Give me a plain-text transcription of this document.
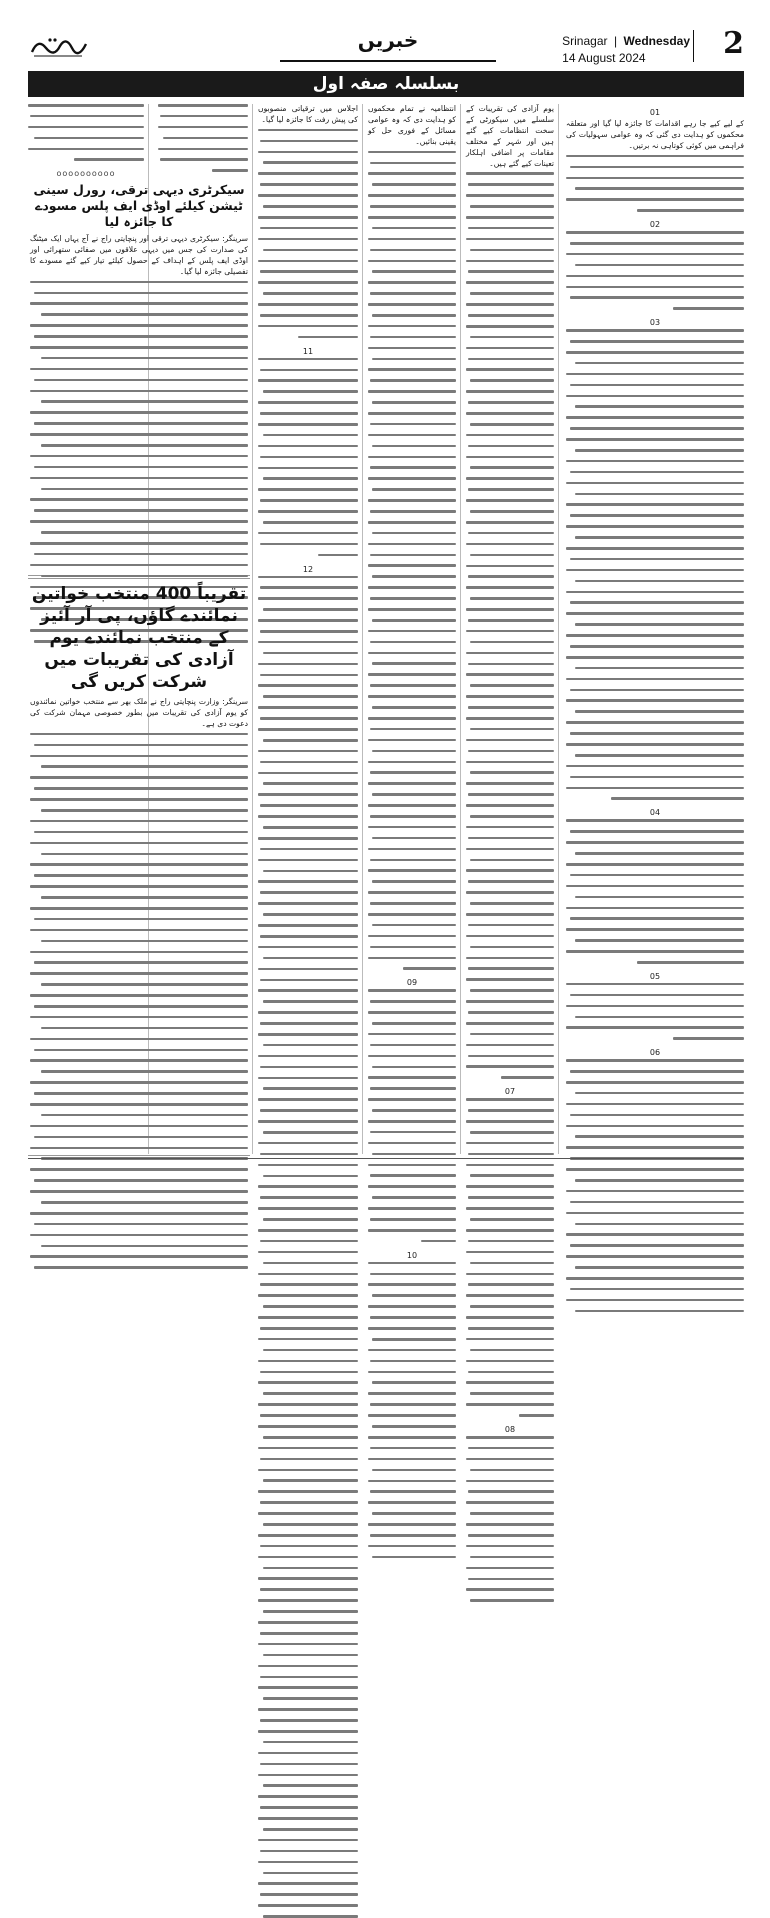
خبریں	Srinagar | Wednesday
14 August 2024	2
بسلسلہ صفہ اول
01

کے لیے کیے جا رہے اقدامات کا جائزہ لیا گیا اور متعلقہ محکموں کو ہدایت دی گئی کہ وہ عوامی سہولیات کی فراہمی میں کوئی کوتاہی نہ برتیں۔

02
03
04
05
06

یوم آزادی کی تقریبات کے سلسلے میں سیکورٹی کے سخت انتظامات کیے گئے ہیں اور شہر کے مختلف مقامات پر اضافی اہلکار تعینات کیے گئے ہیں۔

07
08

انتظامیہ نے تمام محکموں کو ہدایت دی کہ وہ عوامی مسائل کے فوری حل کو یقینی بنائیں۔

09
10

اجلاس میں ترقیاتی منصوبوں کی پیش رفت کا جائزہ لیا گیا۔

11
12
oooooooooo
سیکرٹری دیہی ترقی، رورل سینی ٹیشن کیلئے اوڈی ایف پلس مسودے کا جائزہ لیا

سرینگر: سیکرٹری دیہی ترقی اور پنچایتی راج نے آج یہاں ایک میٹنگ کی صدارت کی جس میں دیہی علاقوں میں صفائی ستھرائی اور اوڈی ایف پلس کے اہداف کے حصول کیلئے تیار کیے گئے مسودے کا تفصیلی جائزہ لیا گیا۔

تقریباً 400 منتخب خواتین نمائندے گاؤں، پی آر آئیز کے منتخب نمائندے یوم آزادی کی تقریبات میں شرکت کریں گی

سرینگر: وزارت پنچایتی راج نے ملک بھر سے منتخب خواتین نمائندوں کو یوم آزادی کی تقریبات میں بطور خصوصی مہمان شرکت کی دعوت دی ہے۔
